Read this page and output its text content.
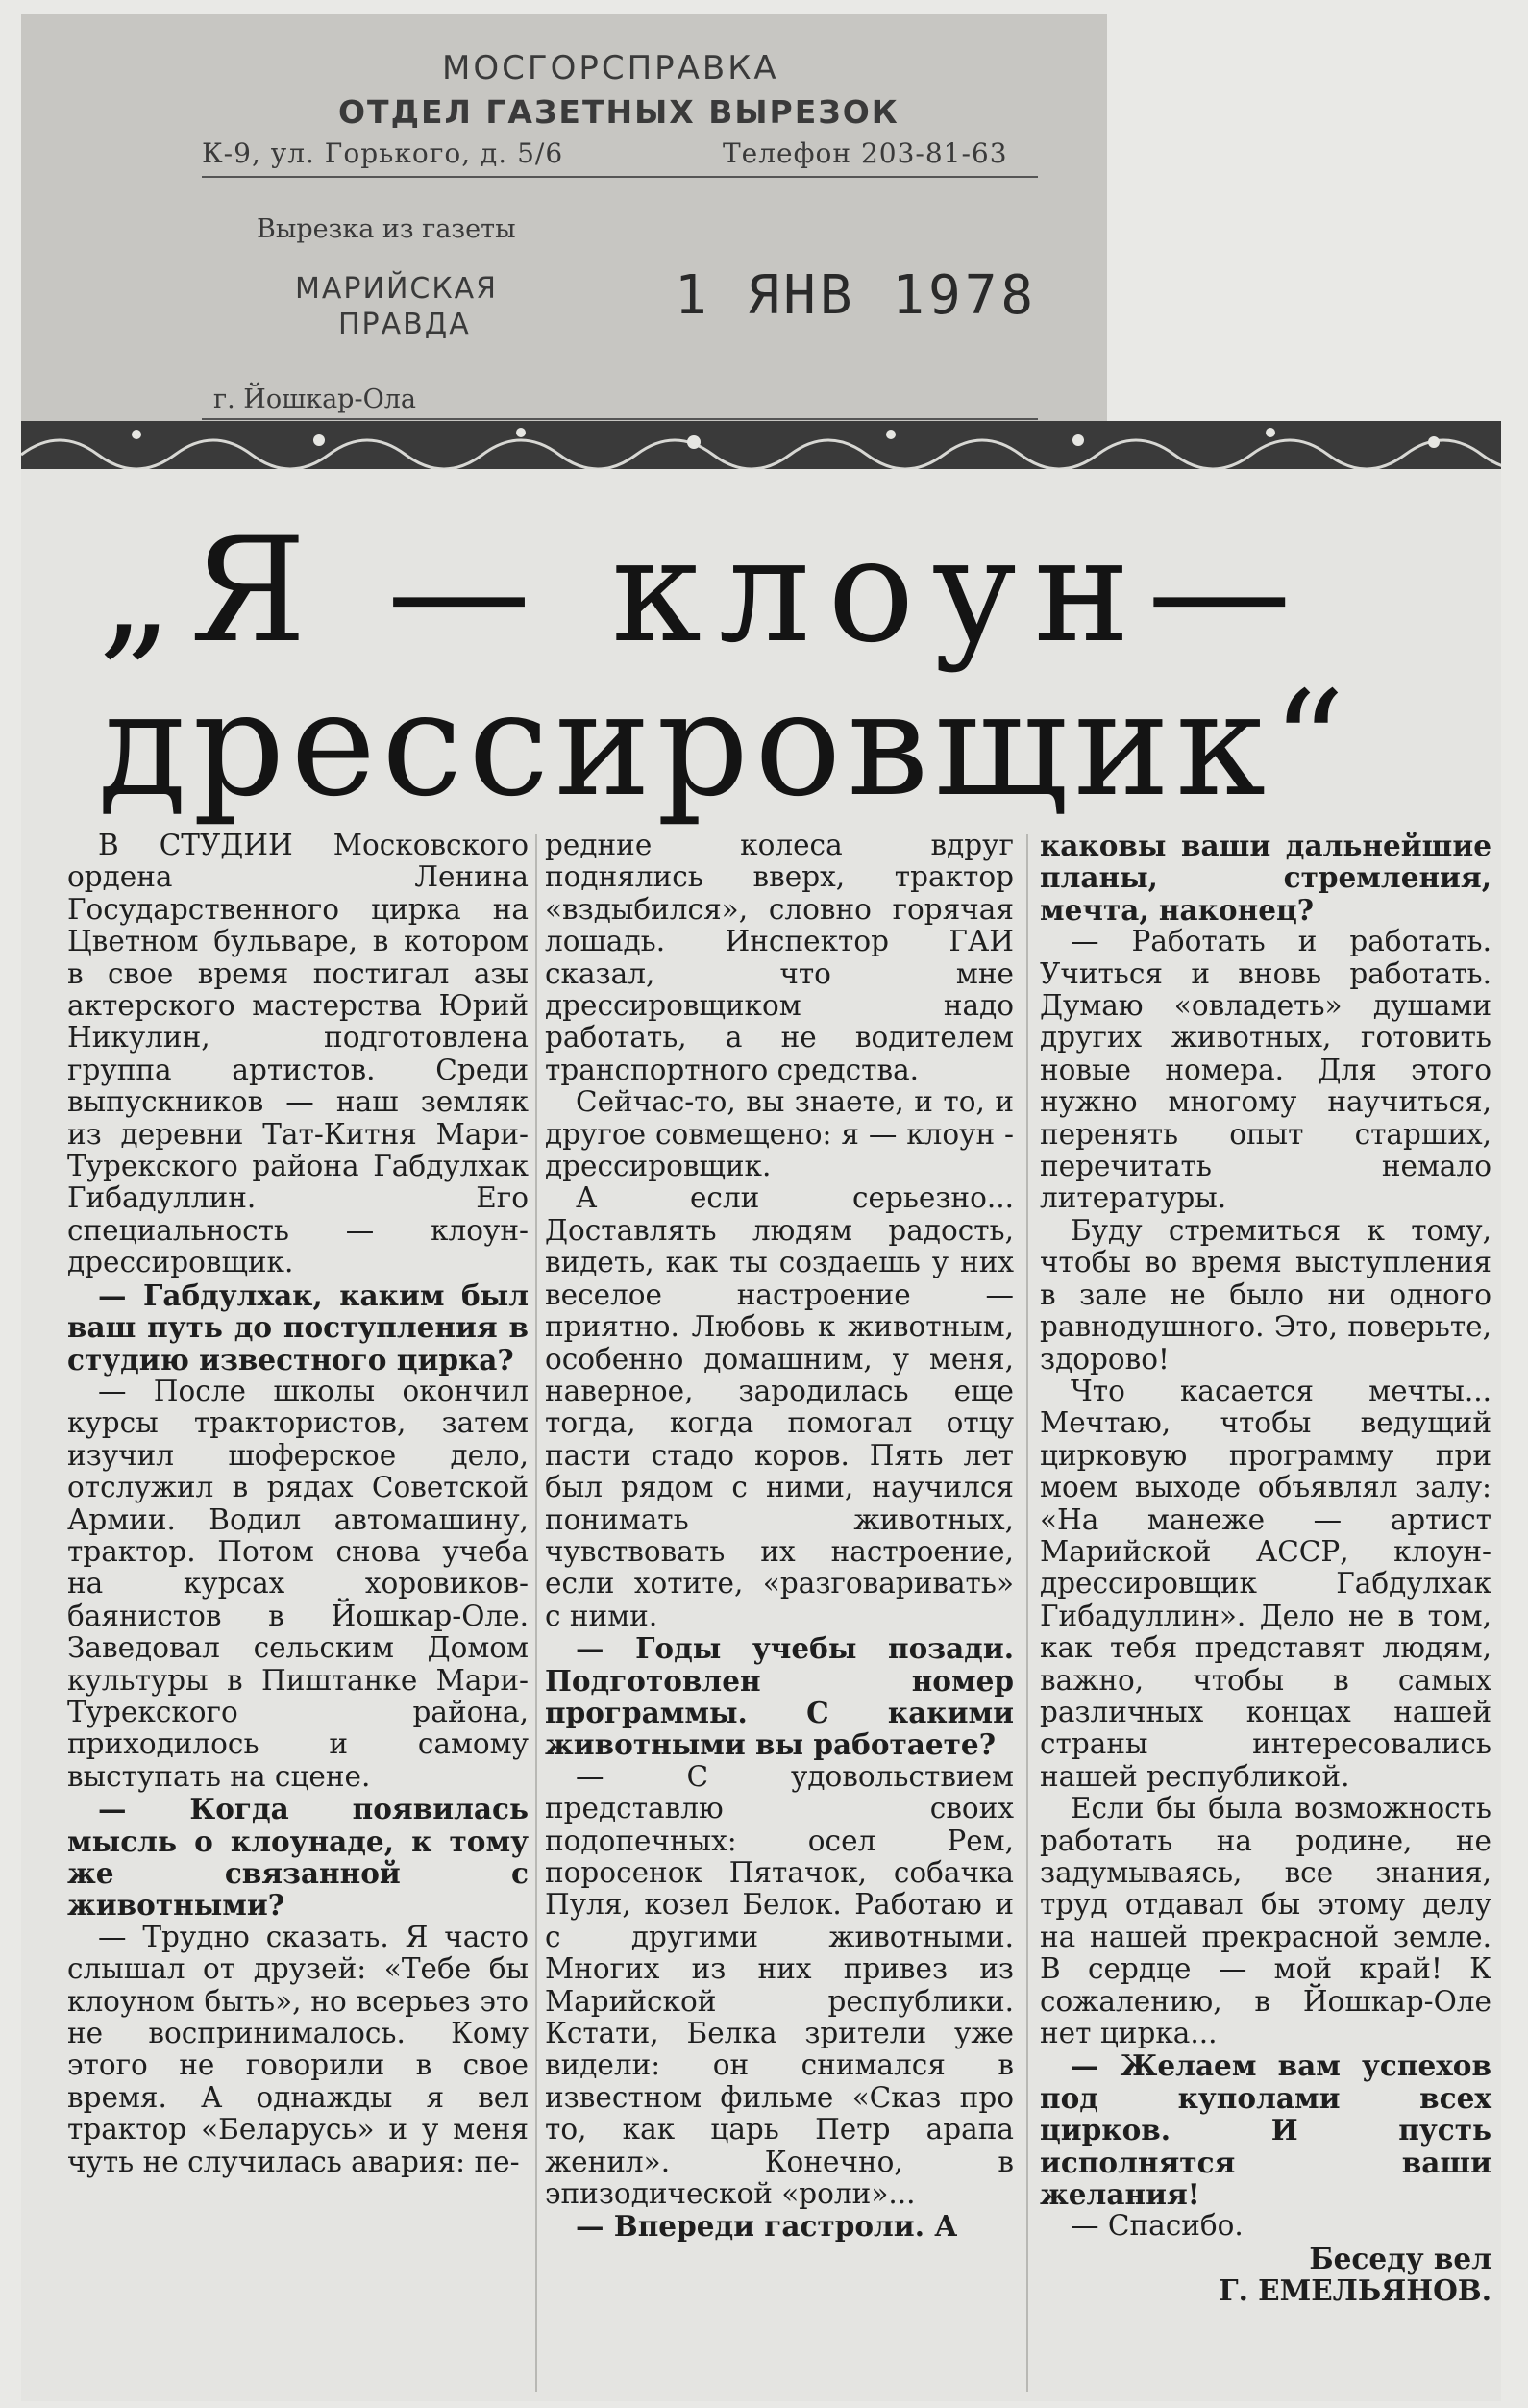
МОСГОРСПРАВКА
ОТДЕЛ ГАЗЕТНЫХ ВЫРЕЗОК
К-9, ул. Горького, д. 5/6	Телефон 203-81-63
Вырезка из газеты
МАРИЙСКАЯ
ПРАВДА	1 ЯНВ 1978
г. Йошкар-Ола
„Я — клоун—
дрессировщик“

В СТУДИИ Московского ордена Ленина Государственного цирка на Цветном бульваре, в котором в свое время постигал азы актерского мастерства Юрий Никулин, подготовлена группа артистов. Среди выпускников — наш земляк из деревни Тат-Китня Мари-Турекского района Габдулхак Гибадуллин. Его специальность — клоун-дрессировщик.

— Габдулхак, каким был ваш путь до поступления в студию известного цирка?

— После школы окончил курсы трактористов, затем изучил шоферское дело, отслужил в рядах Советской Армии. Водил автомашину, трактор. Потом снова учеба на курсах хоровиков-баянистов в Йошкар-Оле. Заведовал сельским Домом культуры в Пиштанке Мари-Турекского района, приходилось и самому выступать на сцене.

— Когда появилась мысль о клоунаде, к тому же связанной с животными?

— Трудно сказать. Я часто слышал от друзей: «Тебе бы клоуном быть», но всерьез это не воспринималось. Кому этого не говорили в свое время. А однажды я вел трактор «Беларусь» и у меня чуть не случилась авария: пе-

редние колеса вдруг поднялись вверх, трактор «вздыбился», словно горячая лошадь. Инспектор ГАИ сказал, что мне дрессировщиком надо работать, а не водителем транспортного средства.

Сейчас-то, вы знаете, и то, и другое совмещено: я — клоун - дрессировщик.

А если серьезно... Доставлять людям радость, видеть, как ты создаешь у них веселое настроение — приятно. Любовь к животным, особенно домашним, у меня, наверное, зародилась еще тогда, когда помогал отцу пасти стадо коров. Пять лет был рядом с ними, научился понимать животных, чувствовать их настроение, если хотите, «разговаривать» с ними.

— Годы учебы позади. Подготовлен номер программы. С какими животными вы работаете?

— С удовольствием представлю своих подопечных: осел Рем, поросенок Пятачок, собачка Пуля, козел Белок. Работаю и с другими животными. Многих из них привез из Марийской республики. Кстати, Белка зрители уже видели: он снимался в известном фильме «Сказ про то, как царь Петр арапа женил». Конечно, в эпизодической «роли»...

— Впереди гастроли. А

каковы ваши дальнейшие планы, стремления, мечта, наконец?

— Работать и работать. Учиться и вновь работать. Думаю «овладеть» душами других животных, готовить новые номера. Для этого нужно многому научиться, перенять опыт старших, перечитать немало литературы.

Буду стремиться к тому, чтобы во время выступления в зале не было ни одного равнодушного. Это, поверьте, здорово!

Что касается мечты... Мечтаю, чтобы ведущий цирковую программу при моем выходе объявлял залу: «На манеже — артист Марийской АССР, клоун-дрессировщик Габдулхак Гибадуллин». Дело не в том, как тебя представят людям, важно, чтобы в самых различных концах нашей страны интересовались нашей республикой.

Если бы была возможность работать на родине, не задумываясь, все знания, труд отдавал бы этому делу на нашей прекрасной земле. В сердце — мой край! К сожалению, в Йошкар-Оле нет цирка...

— Желаем вам успехов под куполами всех цирков. И пусть исполнятся ваши желания!

— Спасибо.

Беседу вел

Г. ЕМЕЛЬЯНОВ.
